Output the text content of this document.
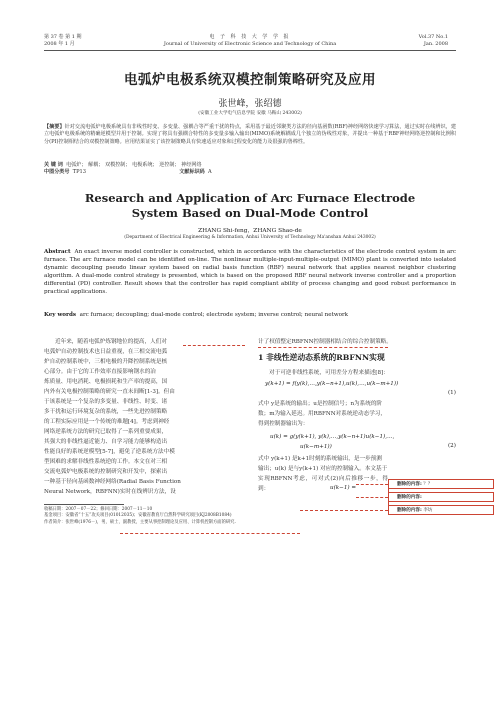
第 37 卷 第 1 期
2008 年 1 月
电 子 科 技 大 学 学 报
Journal of University of Electronic Science and Technology of China
Vol.37 No.1
Jan. 2008
电弧炉电极系统双模控制策略研究及应用
张世峰，张绍德
(安徽工业大学电气信息学院 安徽 马鞍山 243002)
【摘要】针对交流电弧炉电极系统具有非线性时变、多变量、强耦合等严重干扰的特点，采用基于最近邻聚类方法的径向基函数(RBF)神经网络快速学习算法，通过实时在线辨识，建立电弧炉电极系统的精确逆模型并用于控制。实现了将具有强耦合特性的多变量多输入输出(MIMO)系统解耦成几个独立的伪线性对象，并提出一种基于RBF神经网络逆控制和比例积分(PI)控制相结合的双模控制策略。应用结果证实了该控制策略具有快速适应对象和过程变化的能力及很强的鲁棒性。
关 键 词 电弧炉； 解耦； 双模控制； 电极系统； 逆控制； 神经网络
中图分类号 TP13	文献标识码 A
Research and Application of Arc Furnace Electrode
System Based on Dual-Mode Control
ZHANG Shi-feng，ZHANG Shao-de
(Department of Electrical Engineering & Information, Anhui University of Technology Ma'anshan Anhui 243002)
Abstract An exact inverse model controller is constructed, which in accordance with the characteristics of the electrode control system in arc furnace. The arc furnace model can be identified on-line. The nonlinear multiple-input-multiple-output (MIMO) plant is converted into isolated dynamic decoupling pseudo linear system based on radial basis function (RBF) neural network that applies nearest neighbor clustering algorithm. A dual-mode control strategy is presented, which is based on the proposed RBF neural network inverse controller and a proportion differential (PD) controller. Result shows that the controller has rapid compliant ability of process changing and good robust performance in practical applications.
Key words arc furnace; decoupling; dual-mode control; electrode system; inverse control; neural network
近年来，随着电弧炉炼钢地位的提高，人们对
电弧炉自动控制技术也日益重视，在三相交流电弧
炉自动控制系统中，三相电极的升降控制系统是核
心部分。由于它的工作效率直接影响钢水的冶
炼质量、用电消耗、电极损耗和生产率的提高，国
内外有关电极控制策略的研究一直未间断[1-3]。但由
于该系统是一个复杂的多变量、非线性、时变、诸
多干扰和运行环境复杂的系统，一些先进控制策略
的工程实际应用是一个传统的难题[4]。考虑到神经
网络逆系统方法的研究已取得了一系列重要成果，
其强大的非线性逼近能力、自学习能力能够构造出
性能良好的系统逆模型[5-7]，避免了逆系统方法中模
型困难的求解非线性系统逆的工作。本文在对三相
交流电弧炉电极系统的控制研究和开发中，探索出
一种基于径向基函数神经网络(Radial Basis Function
Neural Network，RBFNN)实时在线辨识方法，设
收稿日期：2007－07－22；修回日期：2007－11－10
基金项目：安徽省“十五”攻关项目(01012035)；安徽省教育厅自然科学研究项目(KJ2008B1084)
作者简介：张世峰(1976－)，男，硕士，副教授，主要从事控制理论及应用、计算机控制方面的研究.
计了权值整定RBFNN控制器相结合的综合控制策略。
1 非线性逆动态系统的RBFNN实现
对于可逆非线性系统，可用差分方程来描述[8]：
y(k+1) = f(y(k),…,y(k−n+1),u(k),…,u(k−m+1))
(1)
式中 y是系统的输出；u是控制信号；n为系统的阶
数；m为输入延迟。用RBFNN对系统逆动态学习，
得到控制器输出为：
u(k) = g(y(k+1), y(k),…,y(k−n+1)u(k−1),…,
u(k−m+1))	(2)
式中 y(k+1) 是k+1时刻的系统输出，是一步预测
输出；u(k) 是与y(k+1) 对应的控制输入。本文基于
实现RBFNN考虑，可对式(2)向后推移一步，得到：	u(k−1) =
删除的内容: ？？
删除的内容:
删除的内容: 李坊
